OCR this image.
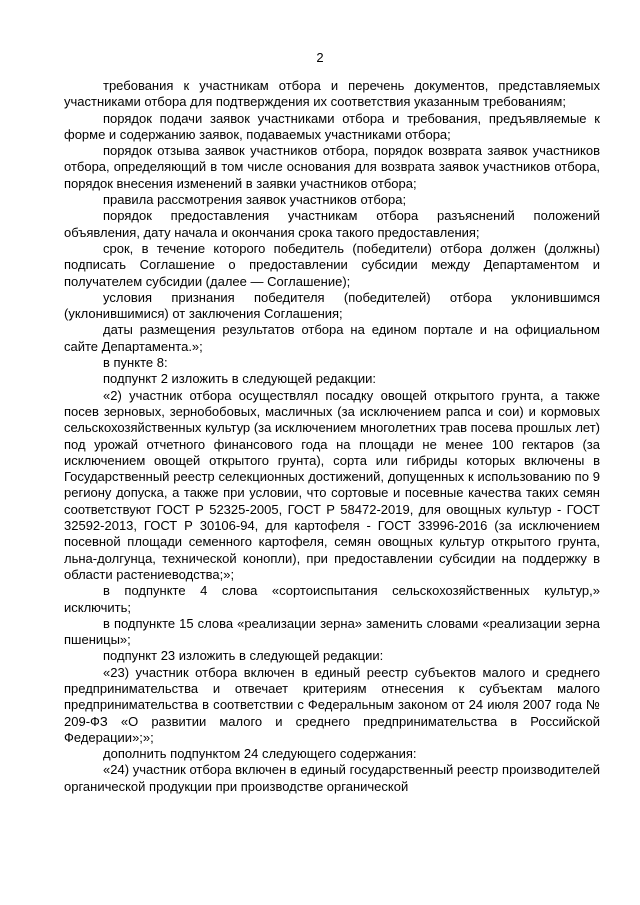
2

требования к участникам отбора и перечень документов, представляемых участниками отбора для подтверждения их соответствия указанным требованиям;

порядок подачи заявок участниками отбора и требования, предъявляемые к форме и содержанию заявок, подаваемых участниками отбора;

порядок отзыва заявок участников отбора, порядок возврата заявок участников отбора, определяющий в том числе основания для возврата заявок участников отбора, порядок внесения изменений в заявки участников отбора;

правила рассмотрения заявок участников отбора;

порядок предоставления участникам отбора разъяснений положений объявления, дату начала и окончания срока такого предоставления;

срок, в течение которого победитель (победители) отбора должен (должны) подписать Соглашение о предоставлении субсидии между Департаментом и получателем субсидии (далее — Соглашение);

условия признания победителя (победителей) отбора уклонившимся (уклонившимися) от заключения Соглашения;

даты размещения результатов отбора на едином портале и на официальном сайте Департамента.»;

в пункте 8:

подпункт 2 изложить в следующей редакции:

«2) участник отбора осуществлял посадку овощей открытого грунта, а также посев зерновых, зернобобовых, масличных (за исключением рапса и сои) и кормовых сельскохозяйственных культур (за исключением многолетних трав посева прошлых лет) под урожай отчетного финансового года на площади не менее 100 гектаров (за исключением овощей открытого грунта), сорта или гибриды которых включены в Государственный реестр селекционных достижений, допущенных к использованию по 9 региону допуска, а также при условии, что сортовые и посевные качества таких семян соответствуют ГОСТ Р 52325-2005, ГОСТ Р 58472-2019, для овощных культур - ГОСТ 32592-2013, ГОСТ Р 30106-94, для картофеля - ГОСТ 33996-2016 (за исключением посевной площади семенного картофеля, семян овощных культур открытого грунта, льна-долгунца, технической конопли), при предоставлении субсидии на поддержку в области растениеводства;»;

в подпункте 4 слова «сортоиспытания сельскохозяйственных культур,» исключить;

в подпункте 15 слова «реализации зерна» заменить словами «реализации зерна пшеницы»;

подпункт 23 изложить в следующей редакции:

«23) участник отбора включен в единый реестр субъектов малого и среднего предпринимательства и отвечает критериям отнесения к субъектам малого предпринимательства в соответствии с Федеральным законом от 24 июля 2007 года № 209-ФЗ «О развитии малого и среднего предпринимательства в Российской Федерации»;»;

дополнить подпунктом 24 следующего содержания:

«24) участник отбора включен в единый государственный реестр производителей органической продукции при производстве органической
